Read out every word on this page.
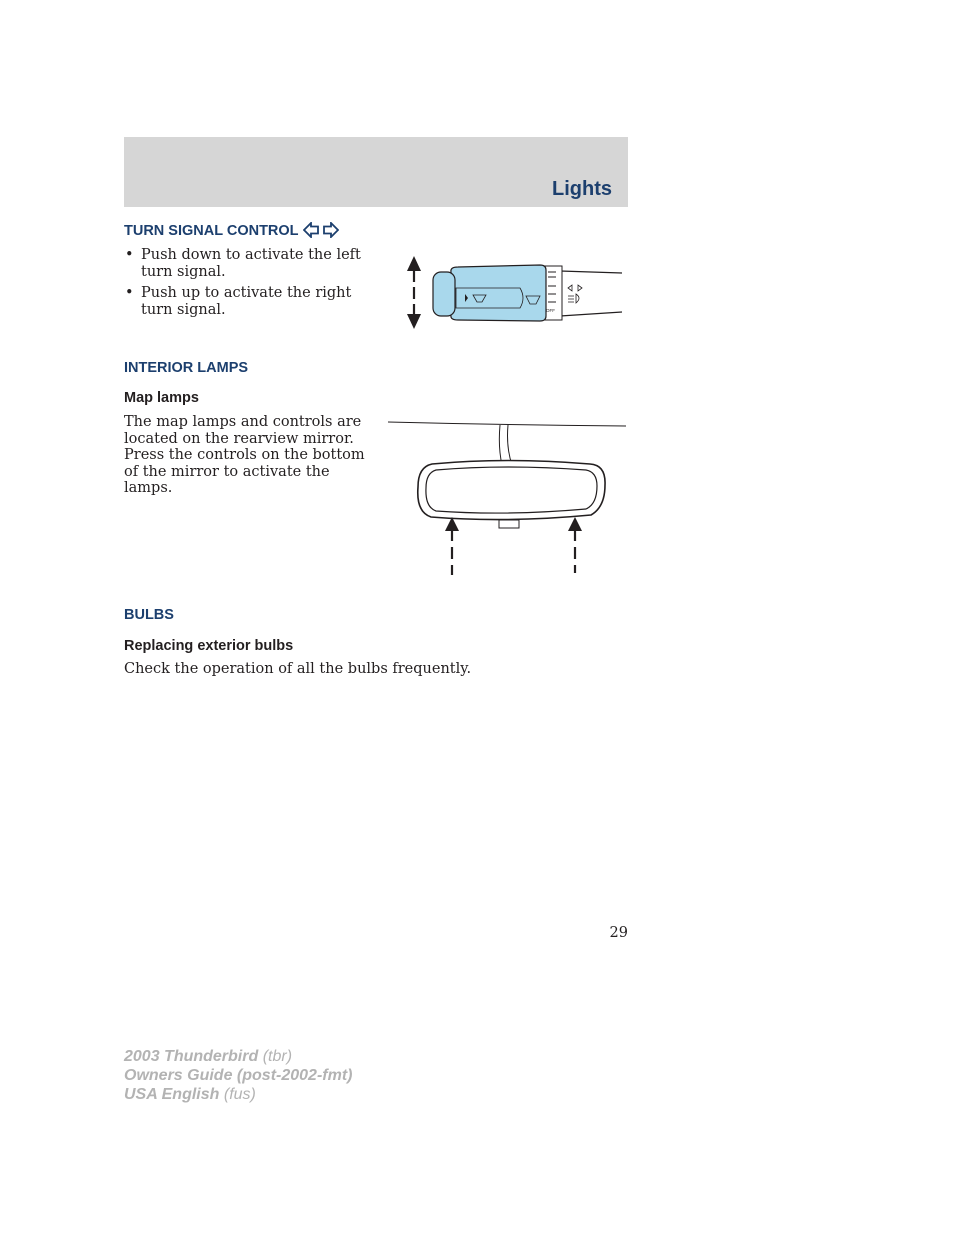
Lights
TURN SIGNAL CONTROL
• Push down to activate the left turn signal.
• Push up to activate the right turn signal.	OFF
INTERIOR LAMPS
Map lamps

The map lamps and controls are located on the rearview mirror. Press the controls on the bottom of the mirror to activate the lamps.

BULBS
Replacing exterior bulbs

Check the operation of all the bulbs frequently.

29
2003 Thunderbird (tbr)
Owners Guide (post-2002-fmt)
USA English (fus)
